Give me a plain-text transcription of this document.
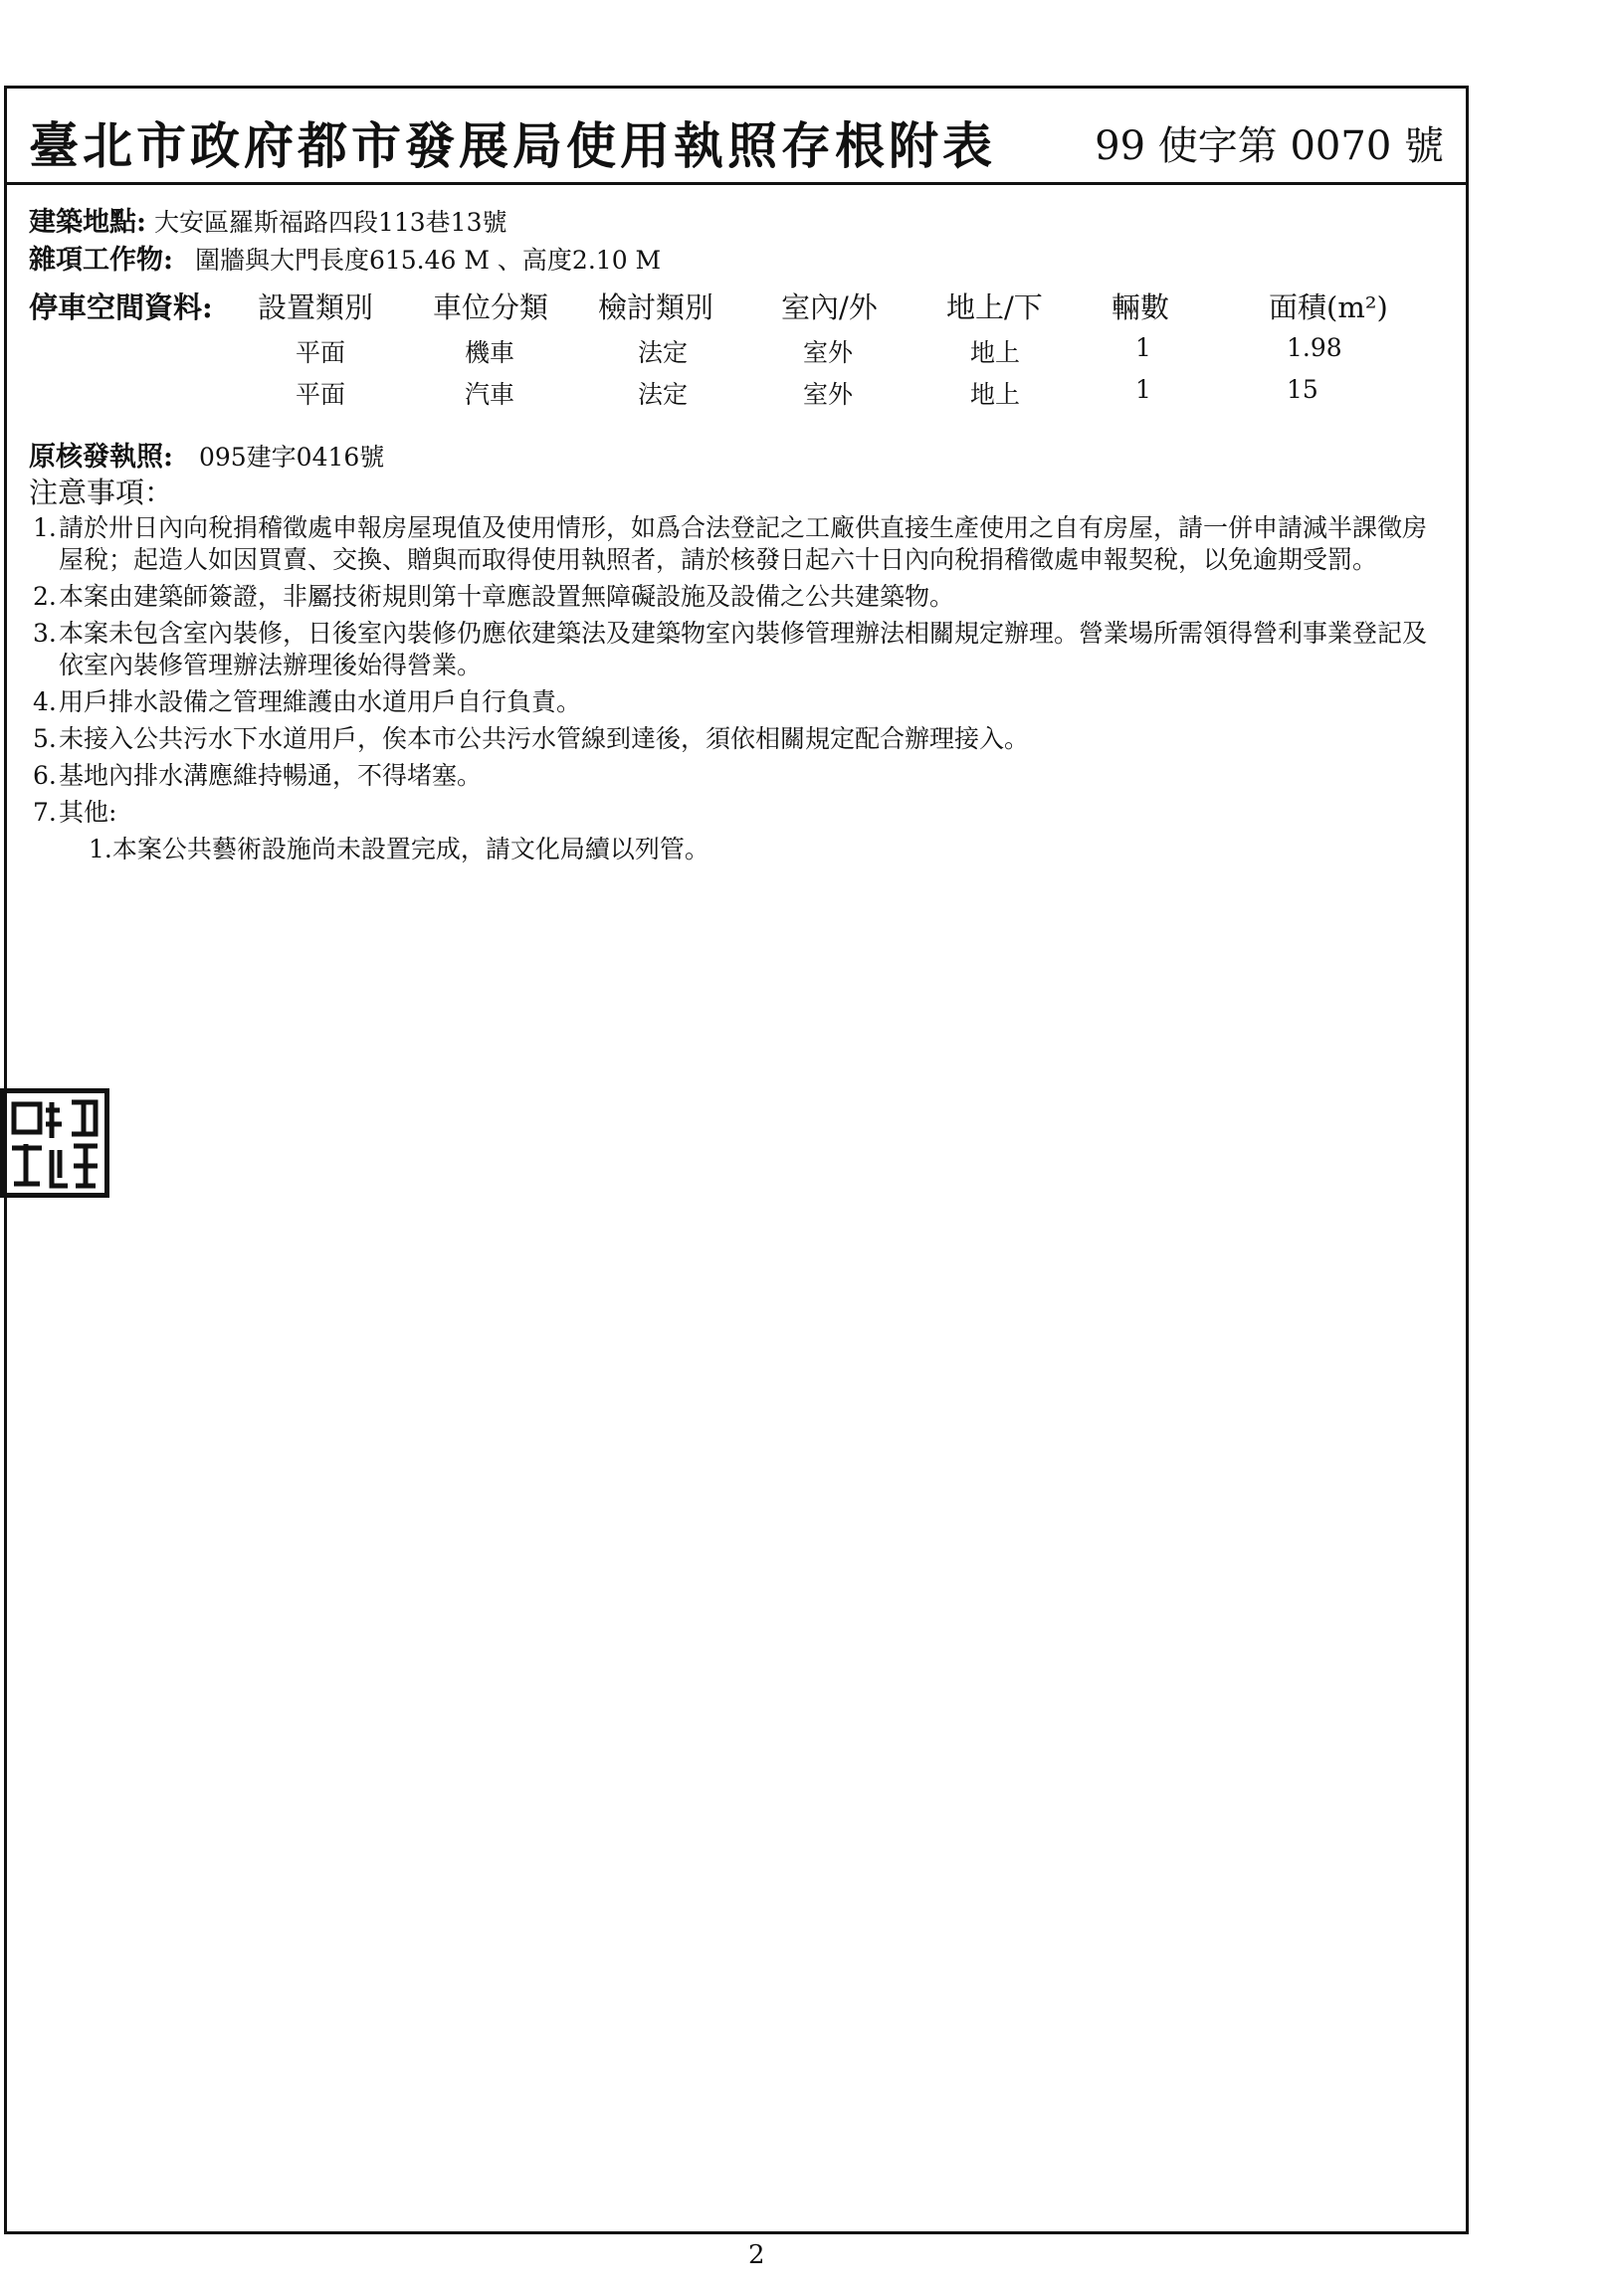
臺北市政府都市發展局使用執照存根附表 99 使字第 0070 號
建築地點: 大安區羅斯福路四段113巷13號
雜項工作物: 圍牆與大門長度615.46 M 、高度2.10 M
停車空間資料: 設置類別 車位分類 檢討類別 室內/外 地上/下 輛數	面積(m²)
平面	機車	法定	室外	地上	1	1.98
平面	汽車	法定	室外	地上	1	15
原核發執照: 095建字0416號
注意事項：
1. 請於卅日內向稅捐稽徵處申報房屋現值及使用情形，如爲合法登記之工廠供直接生產使用之自有房屋，請一併申請減半課徵房屋稅；起造人如因買賣、交換、贈與而取得使用執照者，請於核發日起六十日內向稅捐稽徵處申報契稅，以免逾期受罰。
2. 本案由建築師簽證，非屬技術規則第十章應設置無障礙設施及設備之公共建築物。
3. 本案未包含室內裝修，日後室內裝修仍應依建築法及建築物室內裝修管理辦法相關規定辦理。營業場所需領得營利事業登記及依室內裝修管理辦法辦理後始得營業。
4. 用戶排水設備之管理維護由水道用戶自行負責。
5. 未接入公共污水下水道用戶，俟本市公共污水管線到達後，須依相關規定配合辦理接入。
6. 基地內排水溝應維持暢通，不得堵塞。
7. 其他:
1.本案公共藝術設施尚未設置完成，請文化局續以列管。
2
